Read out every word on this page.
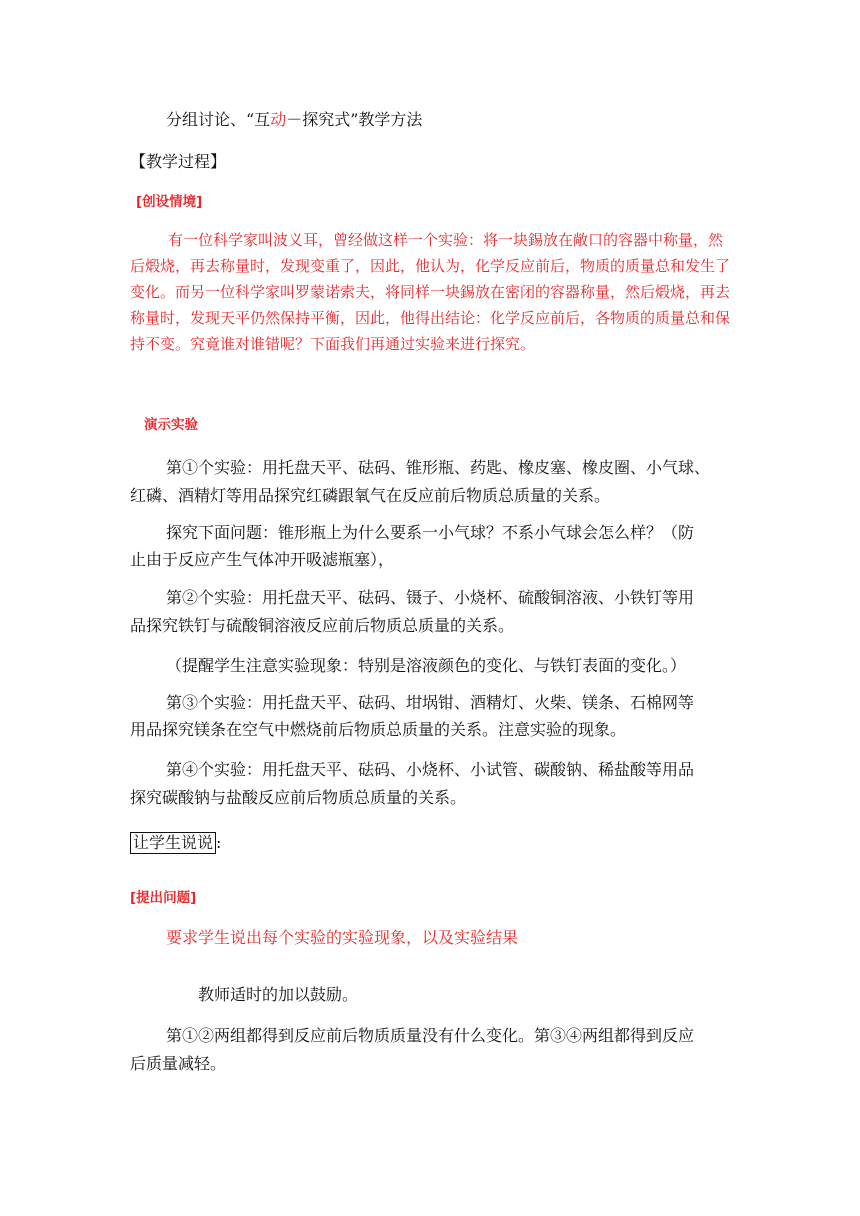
分组讨论、“互动－探究式”教学方法

【教学过程】

[创设情境]

有一位科学家叫波义耳，曾经做这样一个实验：将一块錫放在敞口的容器中称量，然

后煅烧，再去称量时，发现变重了，因此，他认为，化学反应前后，物质的质量总和发生了

变化。而另一位科学家叫罗蒙诺索夫，将同样一块錫放在密闭的容器称量，然后煅烧，再去

称量时，发现天平仍然保持平衡，因此，他得出结论：化学反应前后，各物质的质量总和保

持不变。究竟谁对谁错呢？下面我们再通过实验来进行探究。

演示实验

第①个实验：用托盘天平、砝码、锥形瓶、药匙、橡皮塞、橡皮圈、小气球、

红磷、酒精灯等用品探究红磷跟氧气在反应前后物质总质量的关系。

探究下面问题：锥形瓶上为什么要系一小气球？不系小气球会怎么样？（防

止由于反应产生气体冲开吸滤瓶塞），

第②个实验：用托盘天平、砝码、镊子、小烧杯、硫酸铜溶液、小铁钉等用

品探究铁钉与硫酸铜溶液反应前后物质总质量的关系。

（提醒学生注意实验现象：特别是溶液颜色的变化、与铁钉表面的变化。）

第③个实验：用托盘天平、砝码、坩埚钳、酒精灯、火柴、镁条、石棉网等

用品探究镁条在空气中燃烧前后物质总质量的关系。注意实验的现象。

第④个实验：用托盘天平、砝码、小烧杯、小试管、碳酸钠、稀盐酸等用品

探究碳酸钠与盐酸反应前后物质总质量的关系。

让学生说说 :

[提出问题]

要求学生说出每个实验的实验现象，以及实验结果

教师适时的加以鼓励。

第①②两组都得到反应前后物质质量没有什么变化。第③④两组都得到反应

后质量减轻。
